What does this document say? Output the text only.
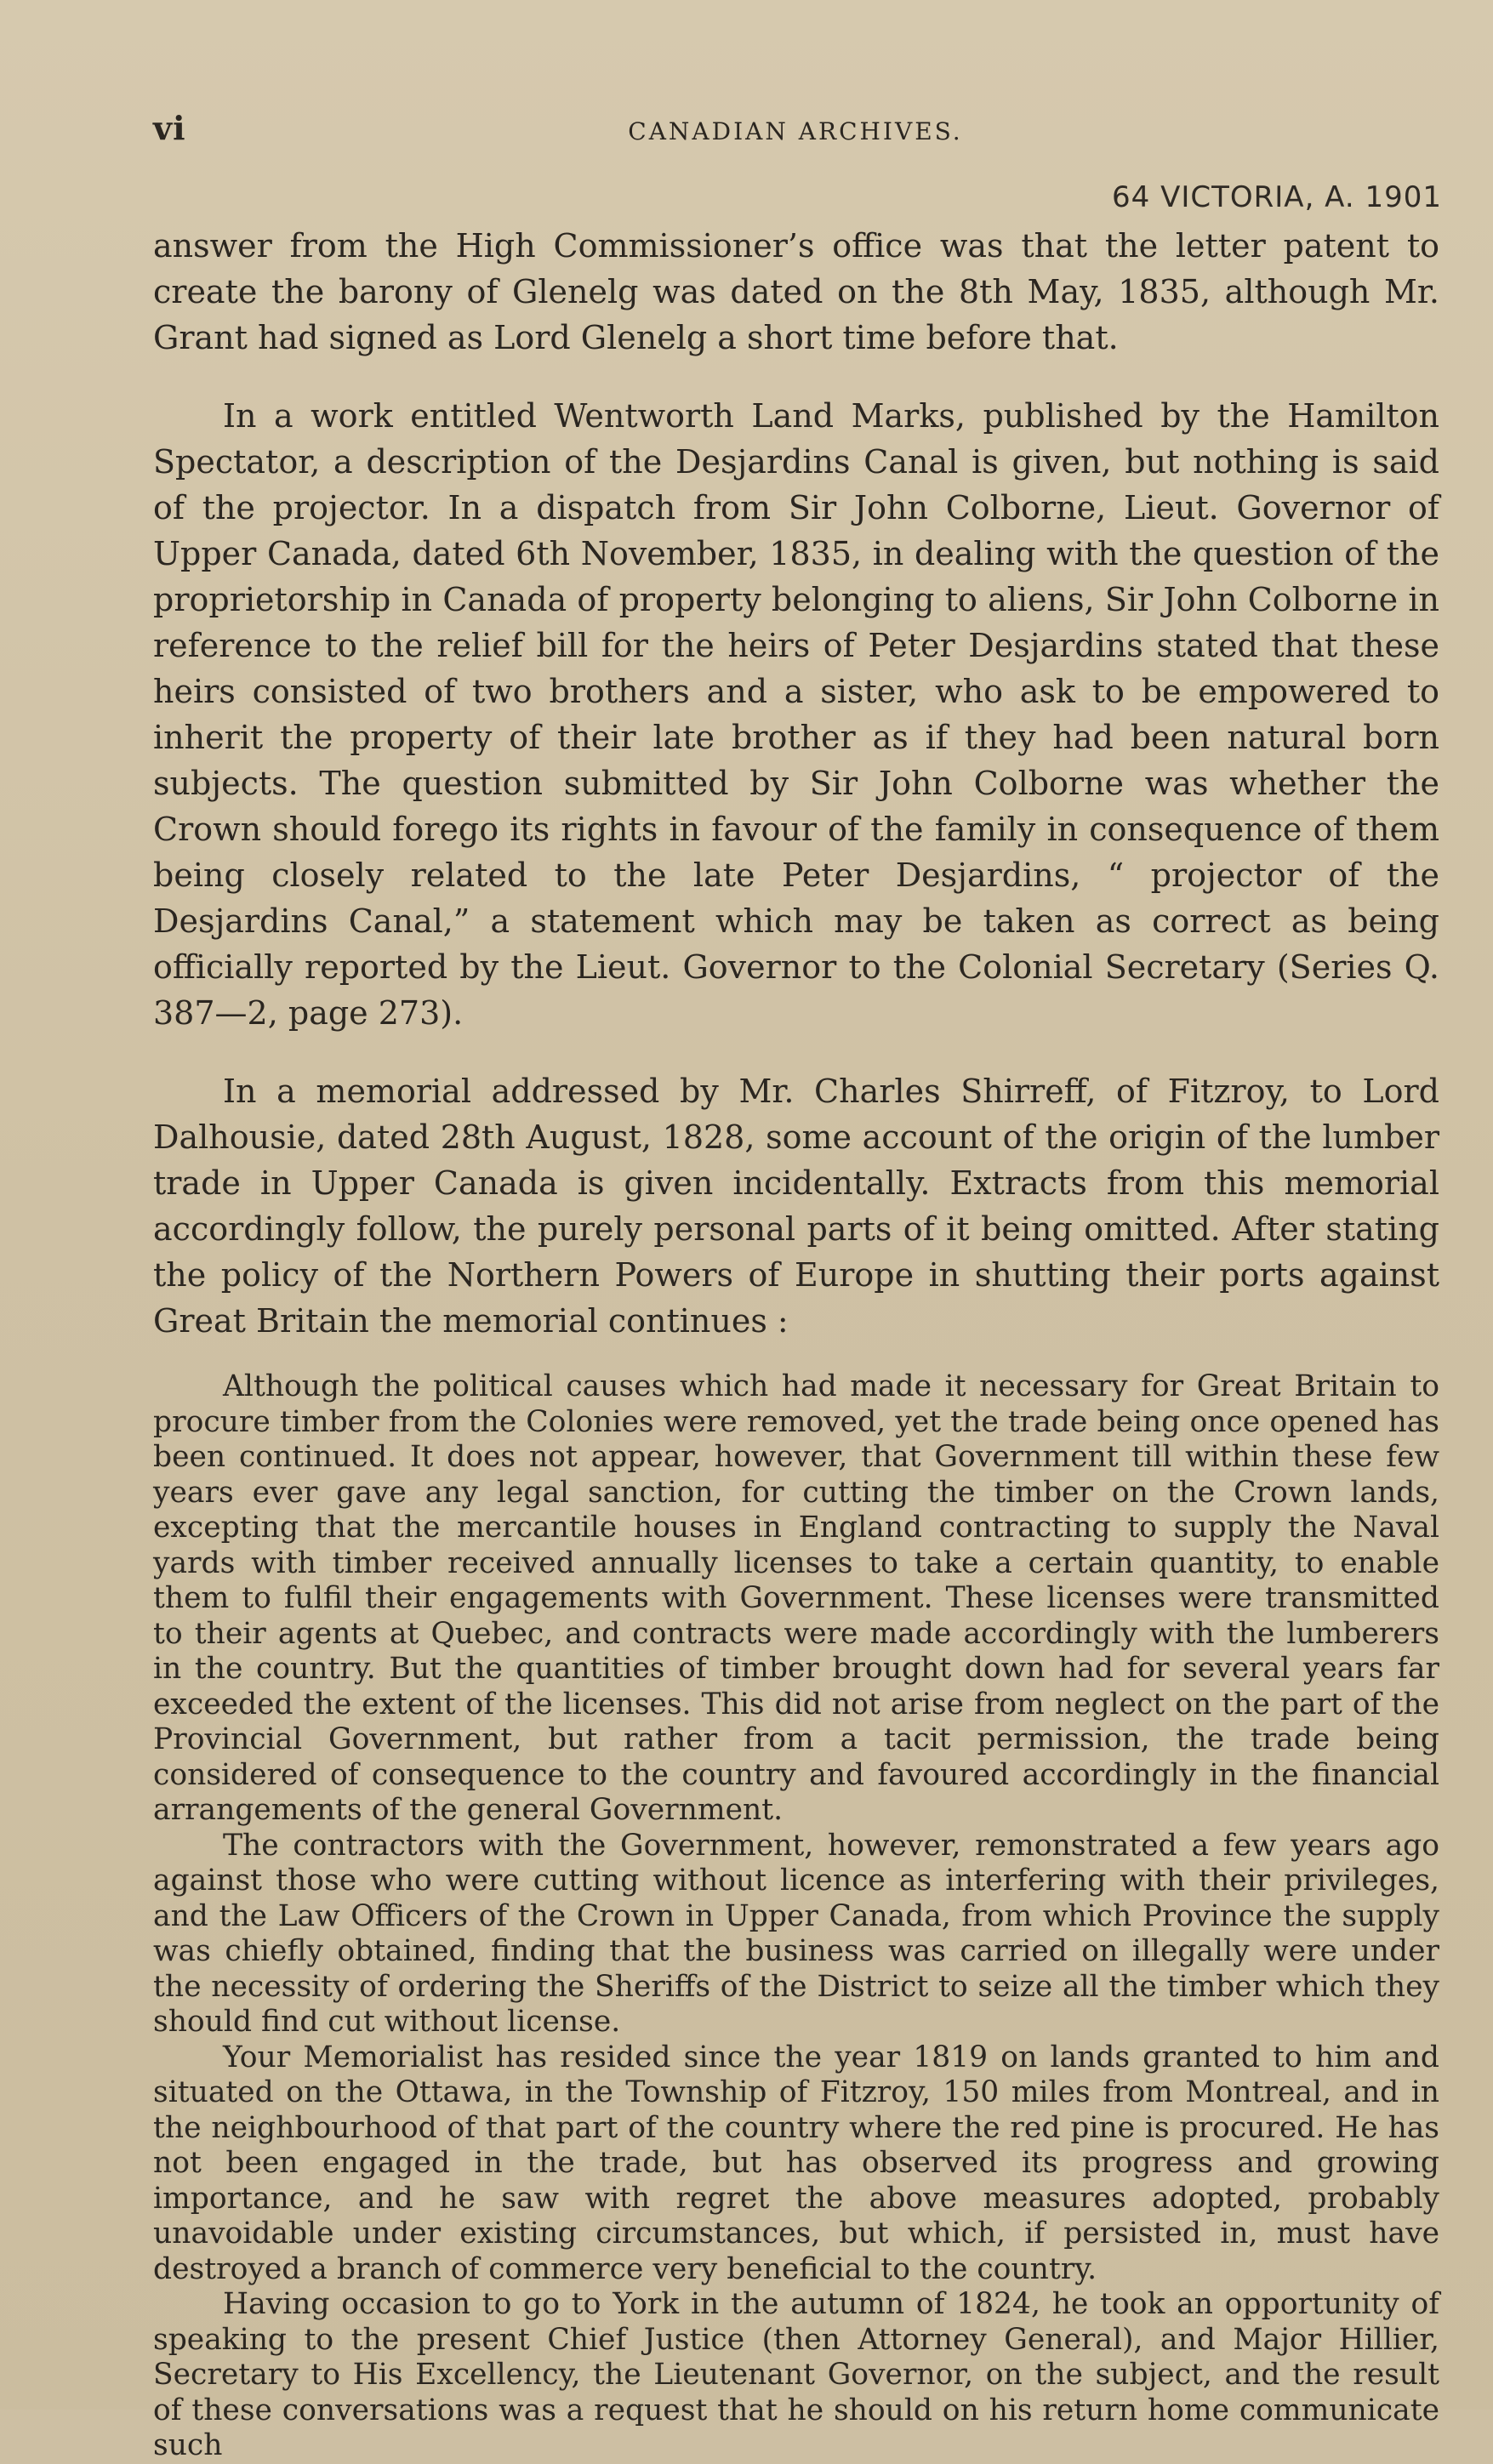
vi	CANADIAN ARCHIVES.
64 VICTORIA, A. 1901

answer from the High Commissioner’s office was that the letter patent to create the barony of Glenelg was dated on the 8th May, 1835, although Mr. Grant had signed as Lord Glenelg a short time before that.

In a work entitled Wentworth Land Marks, published by the Hamilton Spectator, a description of the Desjardins Canal is given, but nothing is said of the projector. In a dispatch from Sir John Colborne, Lieut. Governor of Upper Canada, dated 6th November, 1835, in dealing with the question of the proprietorship in Canada of property belonging to aliens, Sir John Colborne in reference to the relief bill for the heirs of Peter Desjardins stated that these heirs consisted of two brothers and a sister, who ask to be empowered to inherit the property of their late brother as if they had been natural born subjects. The question submitted by Sir John Colborne was whether the Crown should forego its rights in favour of the family in consequence of them being closely related to the late Peter Desjardins, “ projector of the Desjardins Canal,” a statement which may be taken as correct as being officially reported by the Lieut. Governor to the Colonial Secretary (Series Q. 387—2, page 273).

In a memorial addressed by Mr. Charles Shirreff, of Fitzroy, to Lord Dalhousie, dated 28th August, 1828, some account of the origin of the lumber trade in Upper Canada is given incidentally. Extracts from this memorial accordingly follow, the purely personal parts of it being omitted. After stating the policy of the Northern Powers of Europe in shutting their ports against Great Britain the memorial continues :

Although the political causes which had made it necessary for Great Britain to procure timber from the Colonies were removed, yet the trade being once opened has been continued. It does not appear, however, that Government till within these few years ever gave any legal sanction, for cutting the timber on the Crown lands, excepting that the mercantile houses in England contracting to supply the Naval yards with timber received annually licenses to take a certain quantity, to enable them to fulfil their engagements with Government. These licenses were transmitted to their agents at Quebec, and contracts were made accordingly with the lumberers in the country. But the quantities of timber brought down had for several years far exceeded the extent of the licenses. This did not arise from neglect on the part of the Provincial Government, but rather from a tacit permission, the trade being considered of consequence to the country and favoured accordingly in the financial arrangements of the general Government.

The contractors with the Government, however, remonstrated a few years ago against those who were cutting without licence as interfering with their privileges, and the Law Officers of the Crown in Upper Canada, from which Province the supply was chiefly obtained, finding that the business was carried on illegally were under the necessity of ordering the Sheriffs of the District to seize all the timber which they should find cut without license.

Your Memorialist has resided since the year 1819 on lands granted to him and situated on the Ottawa, in the Township of Fitzroy, 150 miles from Montreal, and in the neighbourhood of that part of the country where the red pine is procured. He has not been engaged in the trade, but has observed its progress and growing importance, and he saw with regret the above measures adopted, probably unavoidable under existing circumstances, but which, if persisted in, must have destroyed a branch of commerce very beneficial to the country.

Having occasion to go to York in the autumn of 1824, he took an opportunity of speaking to the present Chief Justice (then Attorney General), and Major Hillier, Secretary to His Excellency, the Lieutenant Governor, on the subject, and the result of these conversations was a request that he should on his return home communicate such
